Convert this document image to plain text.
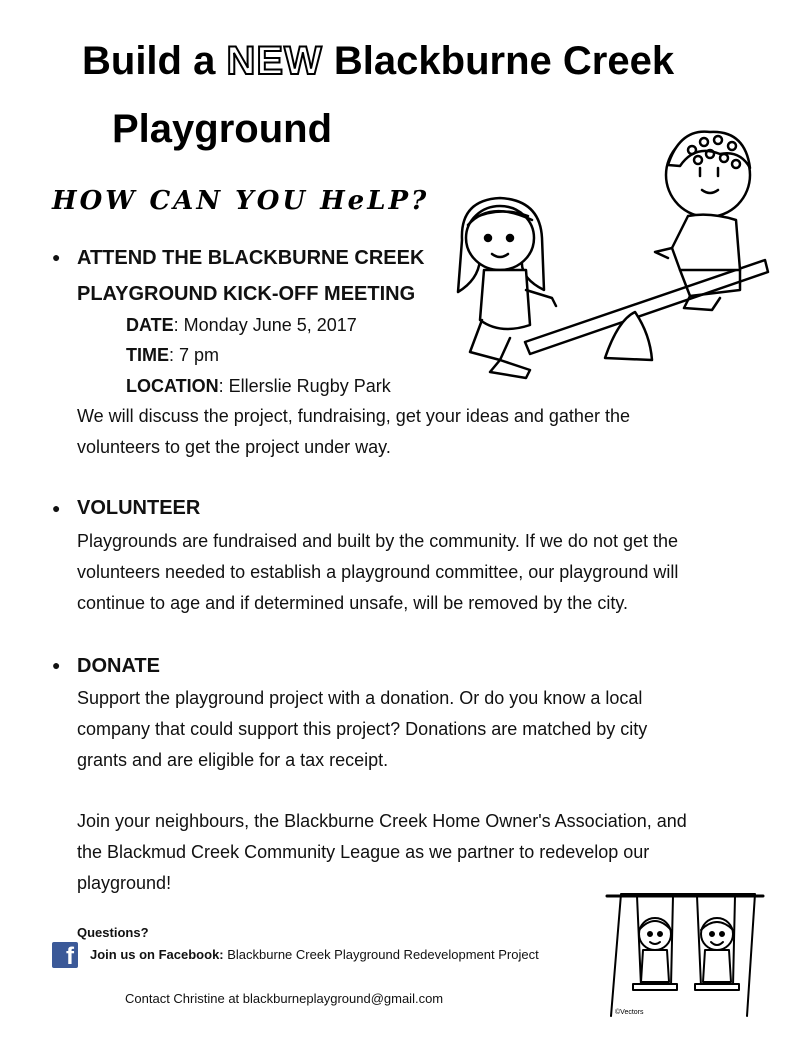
Build a NEW Blackburne Creek
Playground
HOW CAN YOU HeLP?
● ATTEND THE BLACKBURNE CREEK
PLAYGROUND KICK-OFF MEETING
DATE: Monday June 5, 2017
TIME: 7 pm
LOCATION: Ellerslie Rugby Park
We will discuss the project, fundraising, get your ideas and gather the
volunteers to get the project under way.
● VOLUNTEER
Playgrounds are fundraised and built by the community. If we do not get the
volunteers needed to establish a playground committee, our playground will
continue to age and if determined unsafe, will be removed by the city.
● DONATE
Support the playground project with a donation. Or do you know a local
company that could support this project? Donations are matched by city
grants and are eligible for a tax receipt.
Join your neighbours, the Blackburne Creek Home Owner's Association, and
the Blackmud Creek Community League as we partner to redevelop our
playground!
©Vectors
Questions?
f	Join us on Facebook: Blackburne Creek Playground Redevelopment Project
Contact Christine at blackburneplayground@gmail.com
